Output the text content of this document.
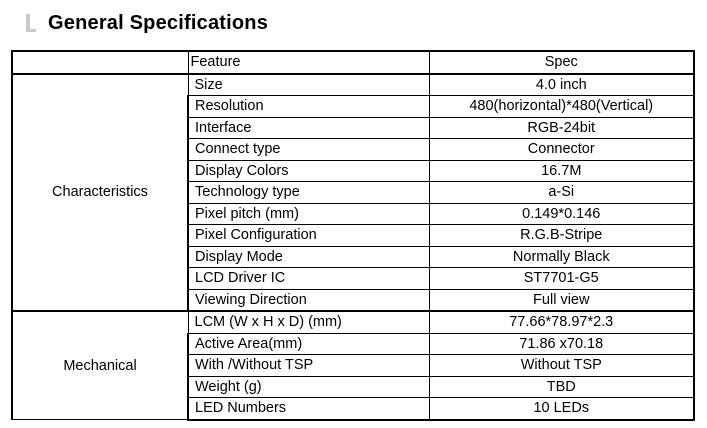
General Specifications
	Feature	Spec
Characteristics	Size	4.0 inch
	Resolution	480(horizontal)*480(Vertical)
	Interface	RGB-24bit
	Connect type	Connector
	Display Colors	16.7M
	Technology type	a-Si
	Pixel pitch (mm)	0.149*0.146
	Pixel Configuration	R.G.B-Stripe
	Display Mode	Normally Black
	LCD Driver IC	ST7701-G5
	Viewing Direction	Full view
Mechanical	LCM (W x H x D) (mm)	77.66*78.97*2.3
	Active Area(mm)	71.86 x70.18
	With /Without TSP	Without TSP
	Weight (g)	TBD
	LED Numbers	10 LEDs
